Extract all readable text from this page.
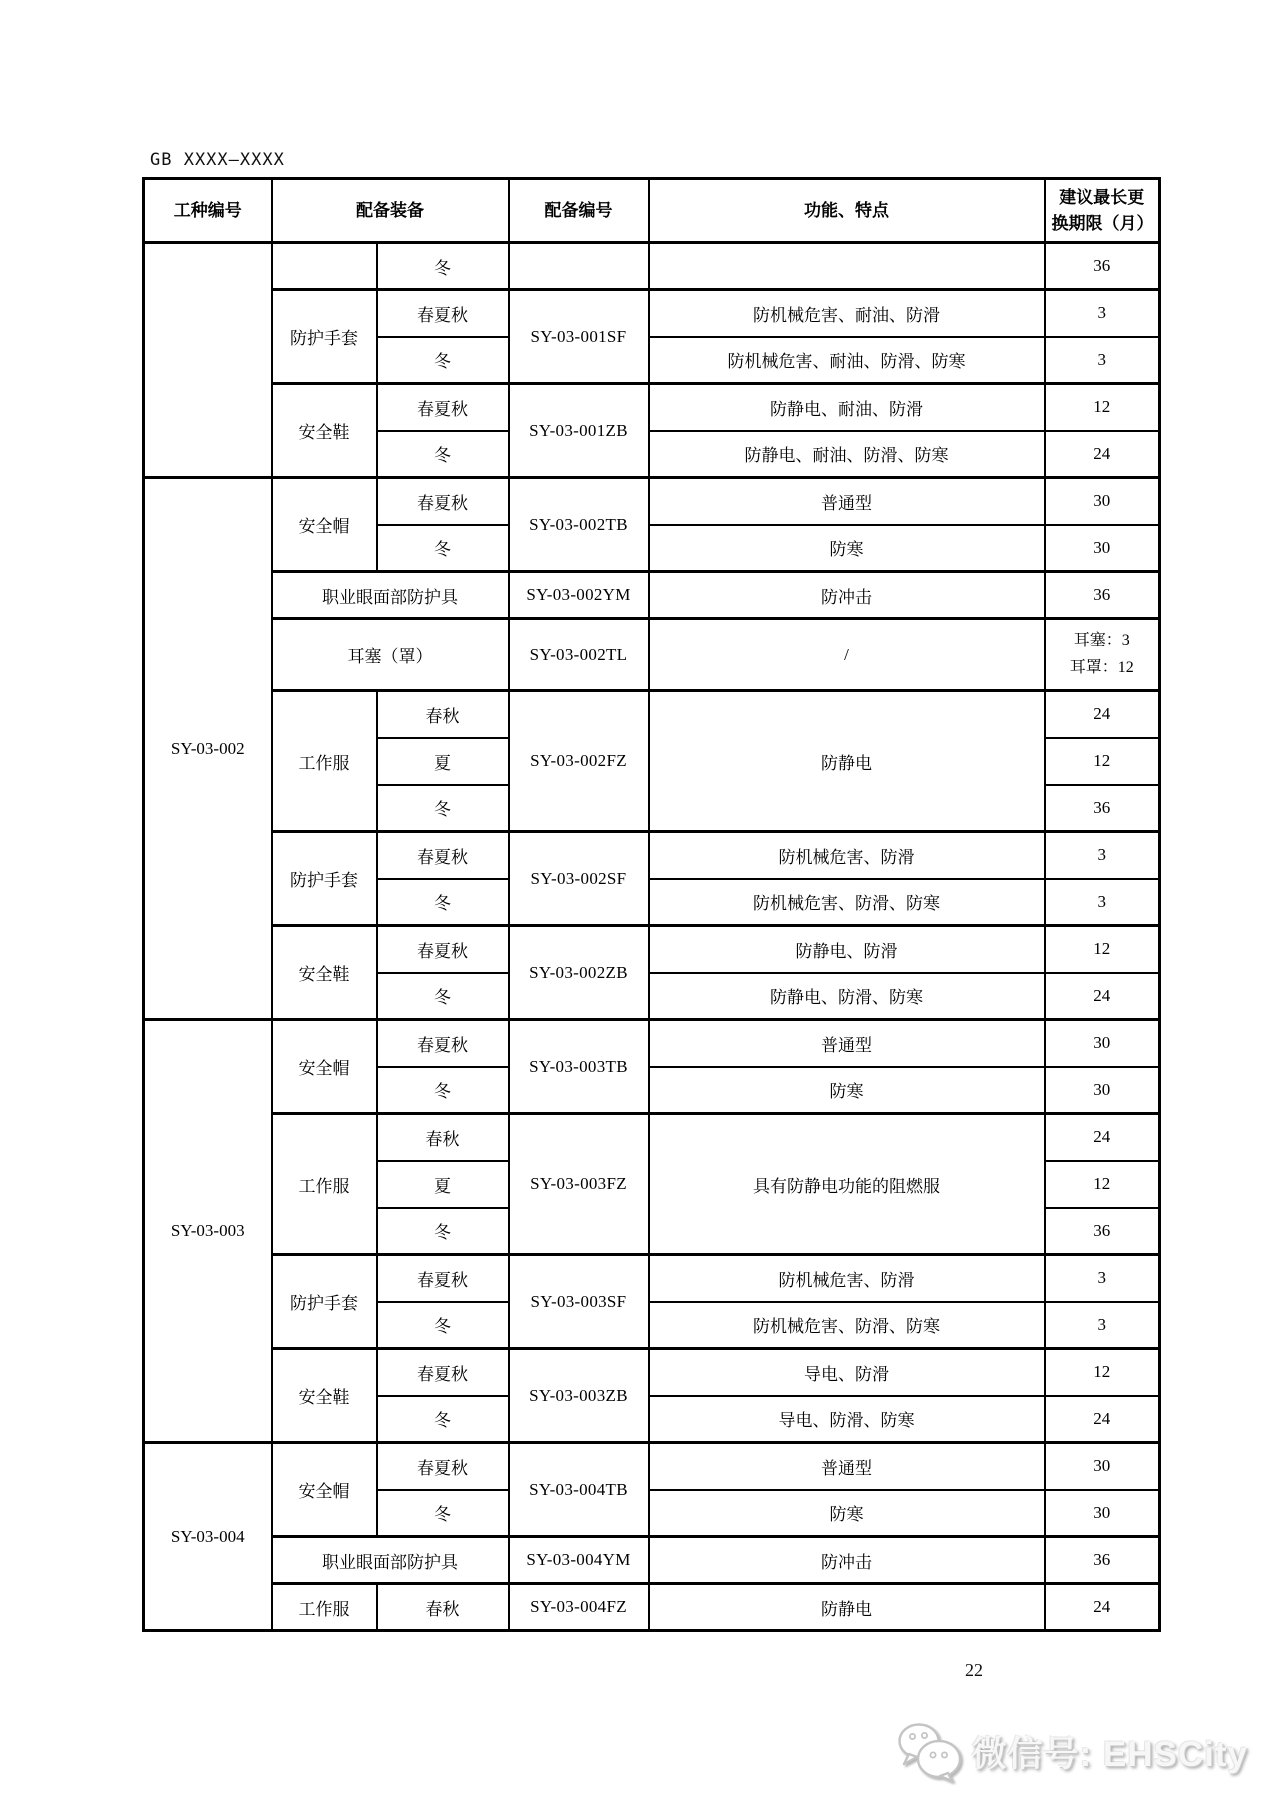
GB XXXX—XXXX
工种编号	配备装备		配备编号	功能、特点	建议最长更
换期限（月）

		冬			36
	防护手套	春夏秋	SY-03-001SF	防机械危害、耐油、防滑	3
		冬		防机械危害、耐油、防滑、防寒	3
	安全鞋	春夏秋	SY-03-001ZB	防静电、耐油、防滑	12
		冬		防静电、耐油、防滑、防寒	24
SY-03-002	安全帽	春夏秋	SY-03-002TB	普通型	30
		冬		防寒	30
	职业眼面部防护具		SY-03-002YM	防冲击	36
	耳塞（罩）		SY-03-002TL	/	耳塞：3
耳罩：12

	工作服	春秋	SY-03-002FZ	防静电	24
		夏			12
		冬			36
	防护手套	春夏秋	SY-03-002SF	防机械危害、防滑	3
		冬		防机械危害、防滑、防寒	3
	安全鞋	春夏秋	SY-03-002ZB	防静电、防滑	12
		冬		防静电、防滑、防寒	24
SY-03-003	安全帽	春夏秋	SY-03-003TB	普通型	30
		冬		防寒	30
	工作服	春秋	SY-03-003FZ	具有防静电功能的阻燃服	24
		夏			12
		冬			36
	防护手套	春夏秋	SY-03-003SF	防机械危害、防滑	3
		冬		防机械危害、防滑、防寒	3
	安全鞋	春夏秋	SY-03-003ZB	导电、防滑	12
		冬		导电、防滑、防寒	24
SY-03-004	安全帽	春夏秋	SY-03-004TB	普通型	30
		冬		防寒	30
	职业眼面部防护具		SY-03-004YM	防冲击	36
	工作服	春秋	SY-03-004FZ	防静电	24
22
微信号: EHSCity
